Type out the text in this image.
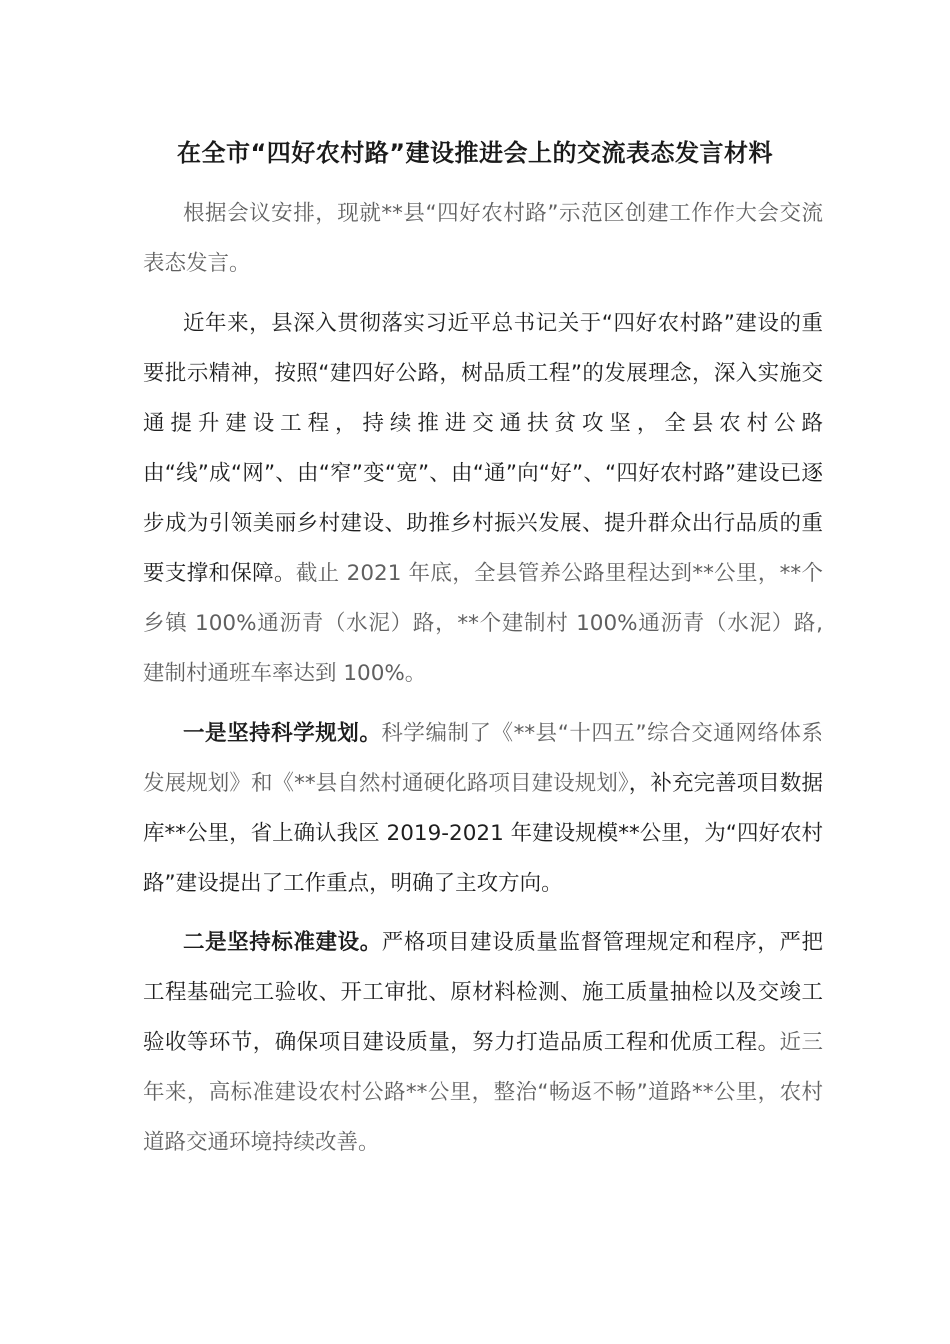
在全市“四好农村路”建设推进会上的交流表态发言材料

根据会议安排，现就**县“四好农村路”示范区创建工作作大会交流表态发言。

近年来，县深入贯彻落实习近平总书记关于“四好农村路”建设的重要批示精神，按照“建四好公路，树品质工程”的发展理念，深入实施交通提升建设工程，持续推进交通扶贫攻坚，全县农村公路由“线”成“网”、由“窄”变“宽”、由“通”向“好”、“四好农村路”建设已逐步成为引领美丽乡村建设、助推乡村振兴发展、提升群众出行品质的重要支撑和保障。截止 2021 年底，全县管养公路里程达到**公里，**个乡镇 100%通沥青（水泥）路，**个建制村 100%通沥青（水泥）路,建制村通班车率达到 100%。

一是坚持科学规划。科学编制了《**县“十四五”综合交通网络体系发展规划》和《**县自然村通硬化路项目建设规划》，补充完善项目数据库**公里，省上确认我区 2019-2021 年建设规模**公里，为“四好农村路”建设提出了工作重点，明确了主攻方向。

二是坚持标准建设。严格项目建设质量监督管理规定和程序，严把工程基础完工验收、开工审批、原材料检测、施工质量抽检以及交竣工验收等环节，确保项目建设质量，努力打造品质工程和优质工程。近三年来，高标准建设农村公路**公里，整治“畅返不畅”道路**公里，农村道路交通环境持续改善。
